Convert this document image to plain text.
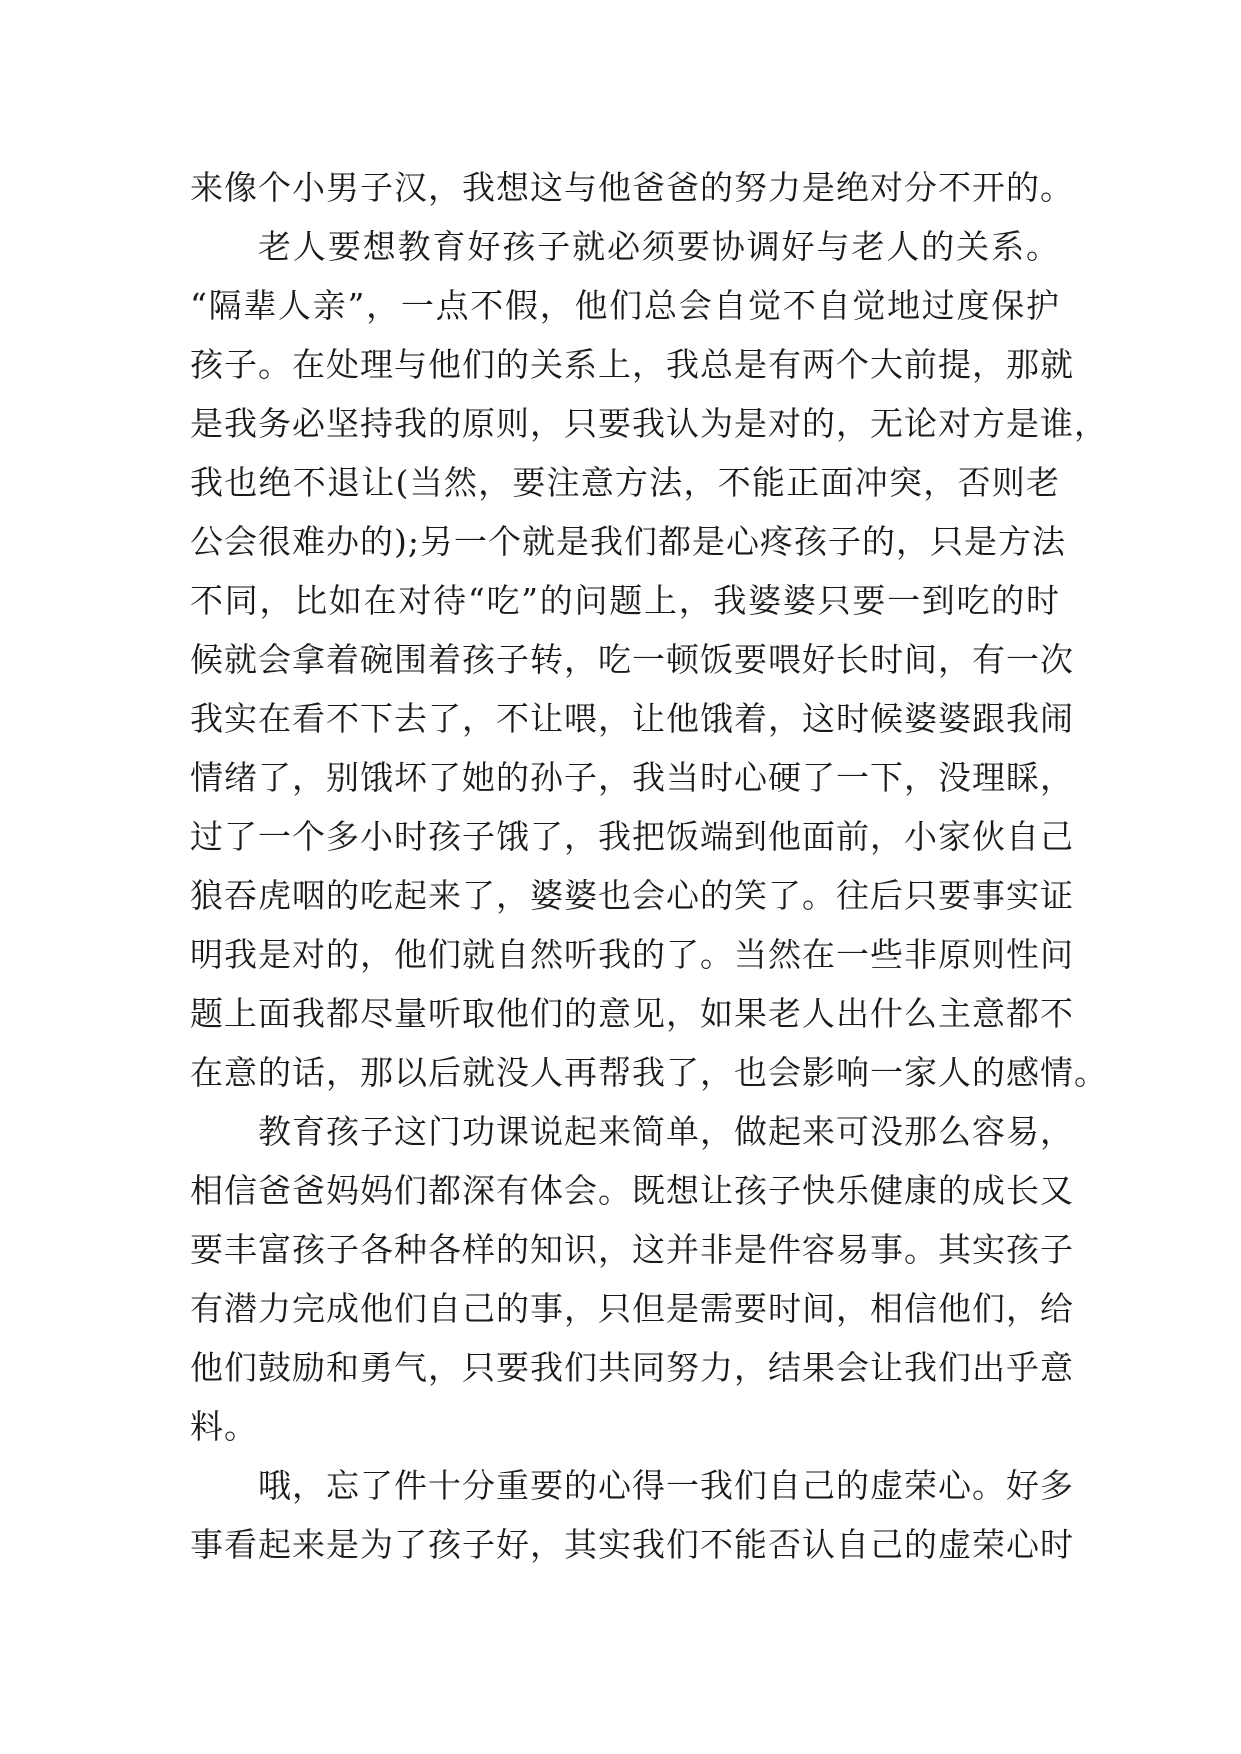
来像个小男子汉，我想这与他爸爸的努力是绝对分不开的。
老人要想教育好孩子就必须要协调好与老人的关系。
“隔辈人亲”，一点不假，他们总会自觉不自觉地过度保护
孩子。在处理与他们的关系上，我总是有两个大前提，那就
是我务必坚持我的原则，只要我认为是对的，无论对方是谁，
我也绝不退让(当然，要注意方法，不能正面冲突，否则老
公会很难办的);另一个就是我们都是心疼孩子的，只是方法
不同，比如在对待“吃”的问题上，我婆婆只要一到吃的时
候就会拿着碗围着孩子转，吃一顿饭要喂好长时间，有一次
我实在看不下去了，不让喂，让他饿着，这时候婆婆跟我闹
情绪了，别饿坏了她的孙子，我当时心硬了一下，没理睬，
过了一个多小时孩子饿了，我把饭端到他面前，小家伙自己
狼吞虎咽的吃起来了，婆婆也会心的笑了。往后只要事实证
明我是对的，他们就自然听我的了。当然在一些非原则性问
题上面我都尽量听取他们的意见，如果老人出什么主意都不
在意的话，那以后就没人再帮我了，也会影响一家人的感情。
教育孩子这门功课说起来简单，做起来可没那么容易，
相信爸爸妈妈们都深有体会。既想让孩子快乐健康的成长又
要丰富孩子各种各样的知识，这并非是件容易事。其实孩子
有潜力完成他们自己的事，只但是需要时间，相信他们，给
他们鼓励和勇气，只要我们共同努力，结果会让我们出乎意
料。
哦，忘了件十分重要的心得一我们自己的虚荣心。好多
事看起来是为了孩子好，其实我们不能否认自己的虚荣心时
